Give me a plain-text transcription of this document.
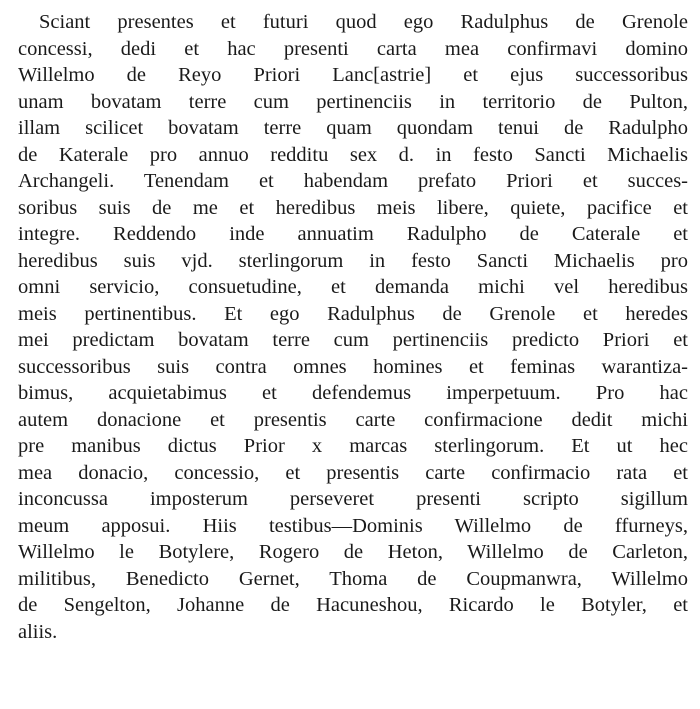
Sciant presentes et futuri quod ego Radulphus de Grenole
concessi, dedi et hac presenti carta mea confirmavi domino
Willelmo de Reyo Priori Lanc[astrie] et ejus successoribus
unam bovatam terre cum pertinenciis in territorio de Pulton,
illam scilicet bovatam terre quam quondam tenui de Radulpho
de Katerale pro annuo redditu sex d. in festo Sancti Michaelis
Archangeli. Tenendam et habendam prefato Priori et succes-
soribus suis de me et heredibus meis libere, quiete, pacifice et
integre. Reddendo inde annuatim Radulpho de Caterale et
heredibus suis vjd. sterlingorum in festo Sancti Michaelis pro
omni servicio, consuetudine, et demanda michi vel heredibus
meis pertinentibus. Et ego Radulphus de Grenole et heredes
mei predictam bovatam terre cum pertinenciis predicto Priori et
successoribus suis contra omnes homines et feminas warantiza-
bimus, acquietabimus et defendemus imperpetuum. Pro hac
autem donacione et presentis carte confirmacione dedit michi
pre manibus dictus Prior x marcas sterlingorum. Et ut hec
mea donacio, concessio, et presentis carte confirmacio rata et
inconcussa imposterum perseveret presenti scripto sigillum
meum apposui. Hiis testibus—Dominis Willelmo de ffurneys,
Willelmo le Botylere, Rogero de Heton, Willelmo de Carleton,
militibus, Benedicto Gernet, Thoma de Coupmanwra, Willelmo
de Sengelton, Johanne de Hacuneshou, Ricardo le Botyler, et
aliis.
